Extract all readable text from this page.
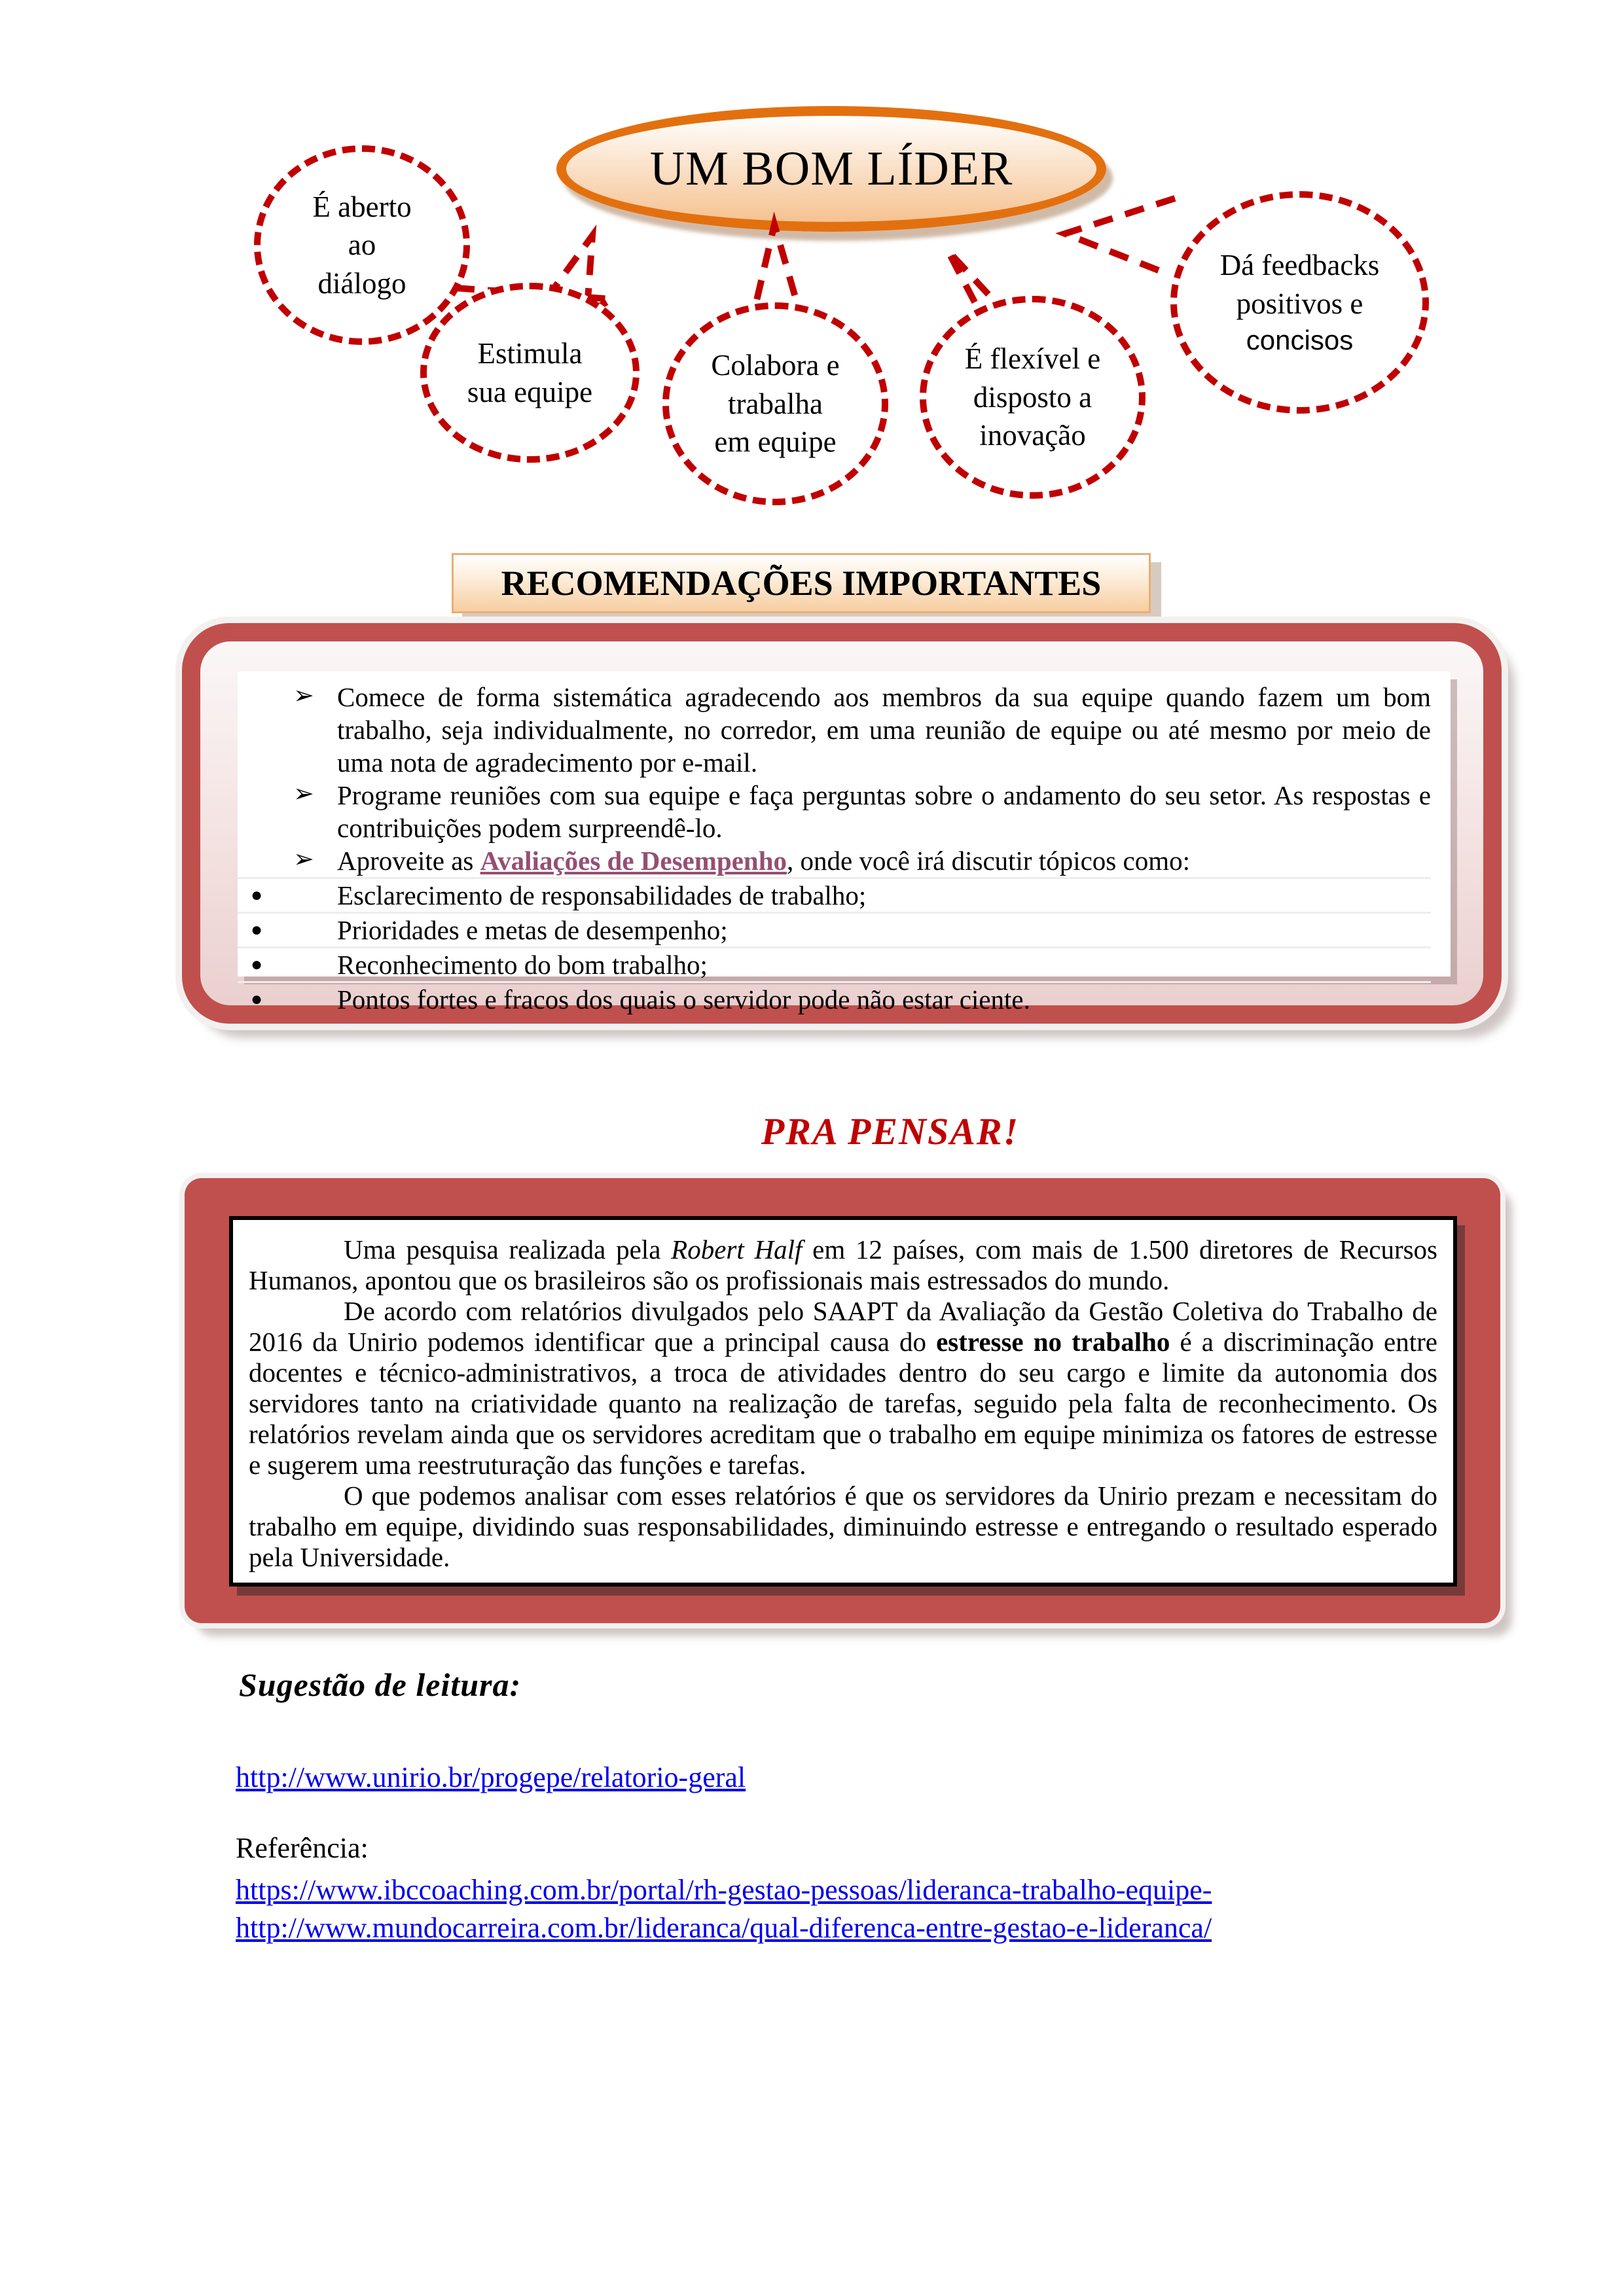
UM BOM LÍDER
É aberto
ao
diálogo
Estimula
sua equipe
Colabora e
trabalha
em equipe
É flexível e
disposto a
inovação
Dá feedbacks
positivos e
concisos
RECOMENDAÇÕES IMPORTANTES
➢ Comece de forma sistemática agradecendo aos membros da sua equipe quando fazem um bom trabalho, seja individualmente, no corredor, em uma reunião de equipe ou até mesmo por meio de uma nota de agradecimento por e-mail.
➢ Programe reuniões com sua equipe e faça perguntas sobre o andamento do seu setor. As respostas e contribuições podem surpreendê-lo.
➢ Aproveite as Avaliações de Desempenho, onde você irá discutir tópicos como:
●	Esclarecimento de responsabilidades de trabalho;
●	Prioridades e metas de desempenho;
●	Reconhecimento do bom trabalho;
●	Pontos fortes e fracos dos quais o servidor pode não estar ciente.
PRA PENSAR!

Uma pesquisa realizada pela Robert Half em 12 países, com mais de 1.500 diretores de Recursos Humanos, apontou que os brasileiros são os profissionais mais estressados do mundo.

De acordo com relatórios divulgados pelo SAAPT da Avaliação da Gestão Coletiva do Trabalho de 2016 da Unirio podemos identificar que a principal causa do estresse no trabalho é a discriminação entre docentes e técnico-administrativos, a troca de atividades dentro do seu cargo e limite da autonomia dos servidores tanto na criatividade quanto na realização de tarefas, seguido pela falta de reconhecimento. Os relatórios revelam ainda que os servidores acreditam que o trabalho em equipe minimiza os fatores de estresse e sugerem uma reestruturação das funções e tarefas.

O que podemos analisar com esses relatórios é que os servidores da Unirio prezam e necessitam do trabalho em equipe, dividindo suas responsabilidades, diminuindo estresse e entregando o resultado esperado pela Universidade.

Sugestão de leitura:
http://www.unirio.br/progepe/relatorio-geral
Referência:
https://www.ibccoaching.com.br/portal/rh-gestao-pessoas/lideranca-trabalho-equipe-
http://www.mundocarreira.com.br/lideranca/qual-diferenca-entre-gestao-e-lideranca/
